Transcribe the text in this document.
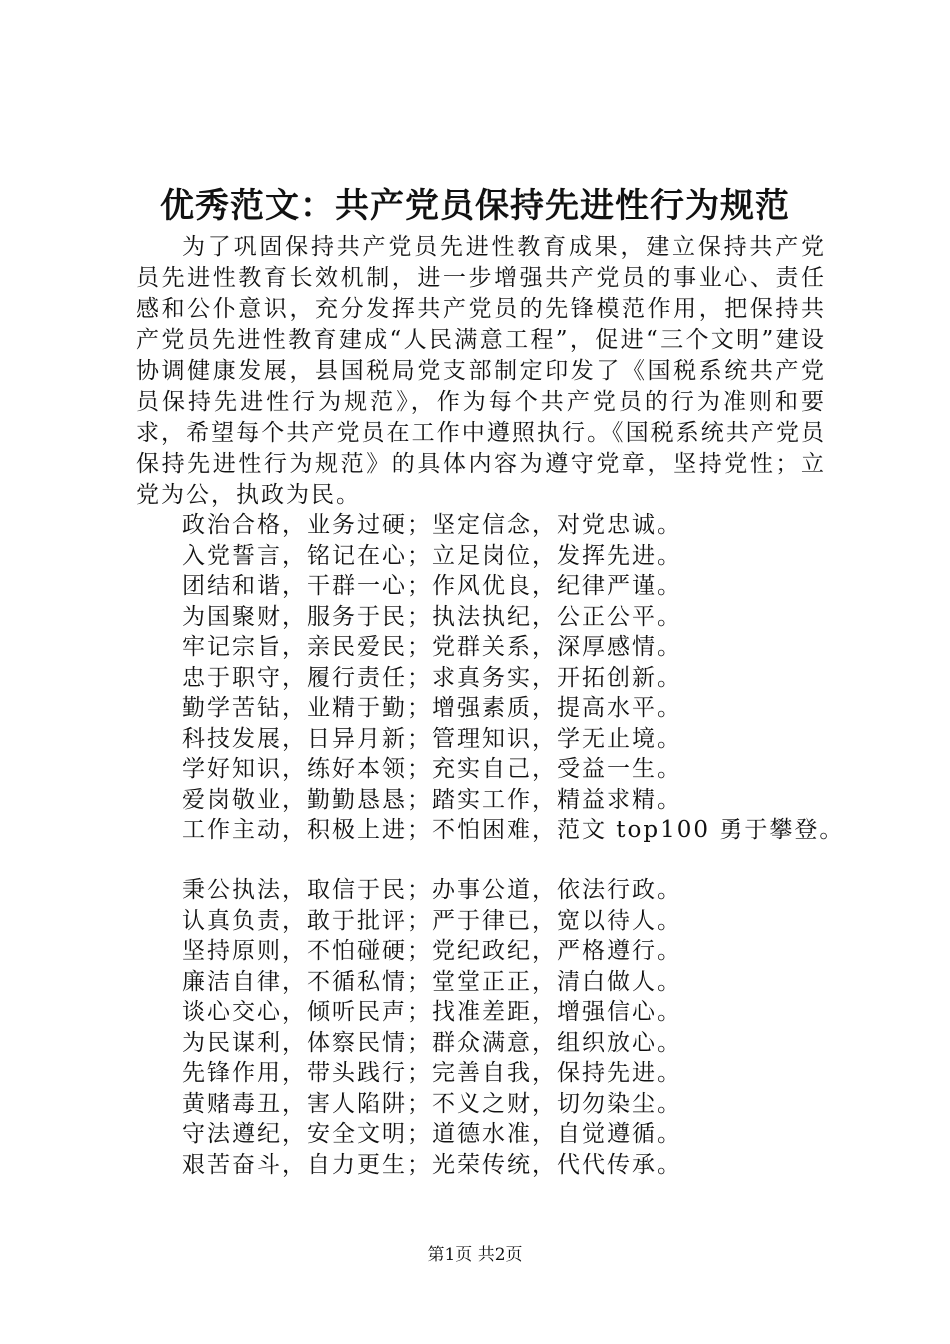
优秀范文：共产党员保持先进性行为规范

为了巩固保持共产党员先进性教育成果，建立保持共产党员先进性教育长效机制，进一步增强共产党员的事业心、责任感和公仆意识，充分发挥共产党员的先锋模范作用，把保持共产党员先进性教育建成“人民满意工程”，促进“三个文明”建设协调健康发展，县国税局党支部制定印发了《国税系统共产党员保持先进性行为规范》，作为每个共产党员的行为准则和要求，希望每个共产党员在工作中遵照执行。《国税系统共产党员保持先进性行为规范》的具体内容为遵守党章，坚持党性；立党为公，执政为民。

政治合格，业务过硬；坚定信念，对党忠诚。
入党誓言，铭记在心；立足岗位，发挥先进。
团结和谐，干群一心；作风优良，纪律严谨。
为国聚财，服务于民；执法执纪，公正公平。
牢记宗旨，亲民爱民；党群关系，深厚感情。
忠于职守，履行责任；求真务实，开拓创新。
勤学苦钻，业精于勤；增强素质，提高水平。
科技发展，日异月新；管理知识，学无止境。
学好知识，练好本领；充实自己，受益一生。
爱岗敬业，勤勤恳恳；踏实工作，精益求精。
工作主动，积极上进；不怕困难，范文 top100 勇于攀登。
秉公执法，取信于民；办事公道，依法行政。
认真负责，敢于批评；严于律已，宽以待人。
坚持原则，不怕碰硬；党纪政纪，严格遵行。
廉洁自律，不循私情；堂堂正正，清白做人。
谈心交心，倾听民声；找准差距，增强信心。
为民谋利，体察民情；群众满意，组织放心。
先锋作用，带头践行；完善自我，保持先进。
黄赌毒丑，害人陷阱；不义之财，切勿染尘。
守法遵纪，安全文明；道德水准，自觉遵循。
艰苦奋斗，自力更生；光荣传统，代代传承。
第1页 共2页
